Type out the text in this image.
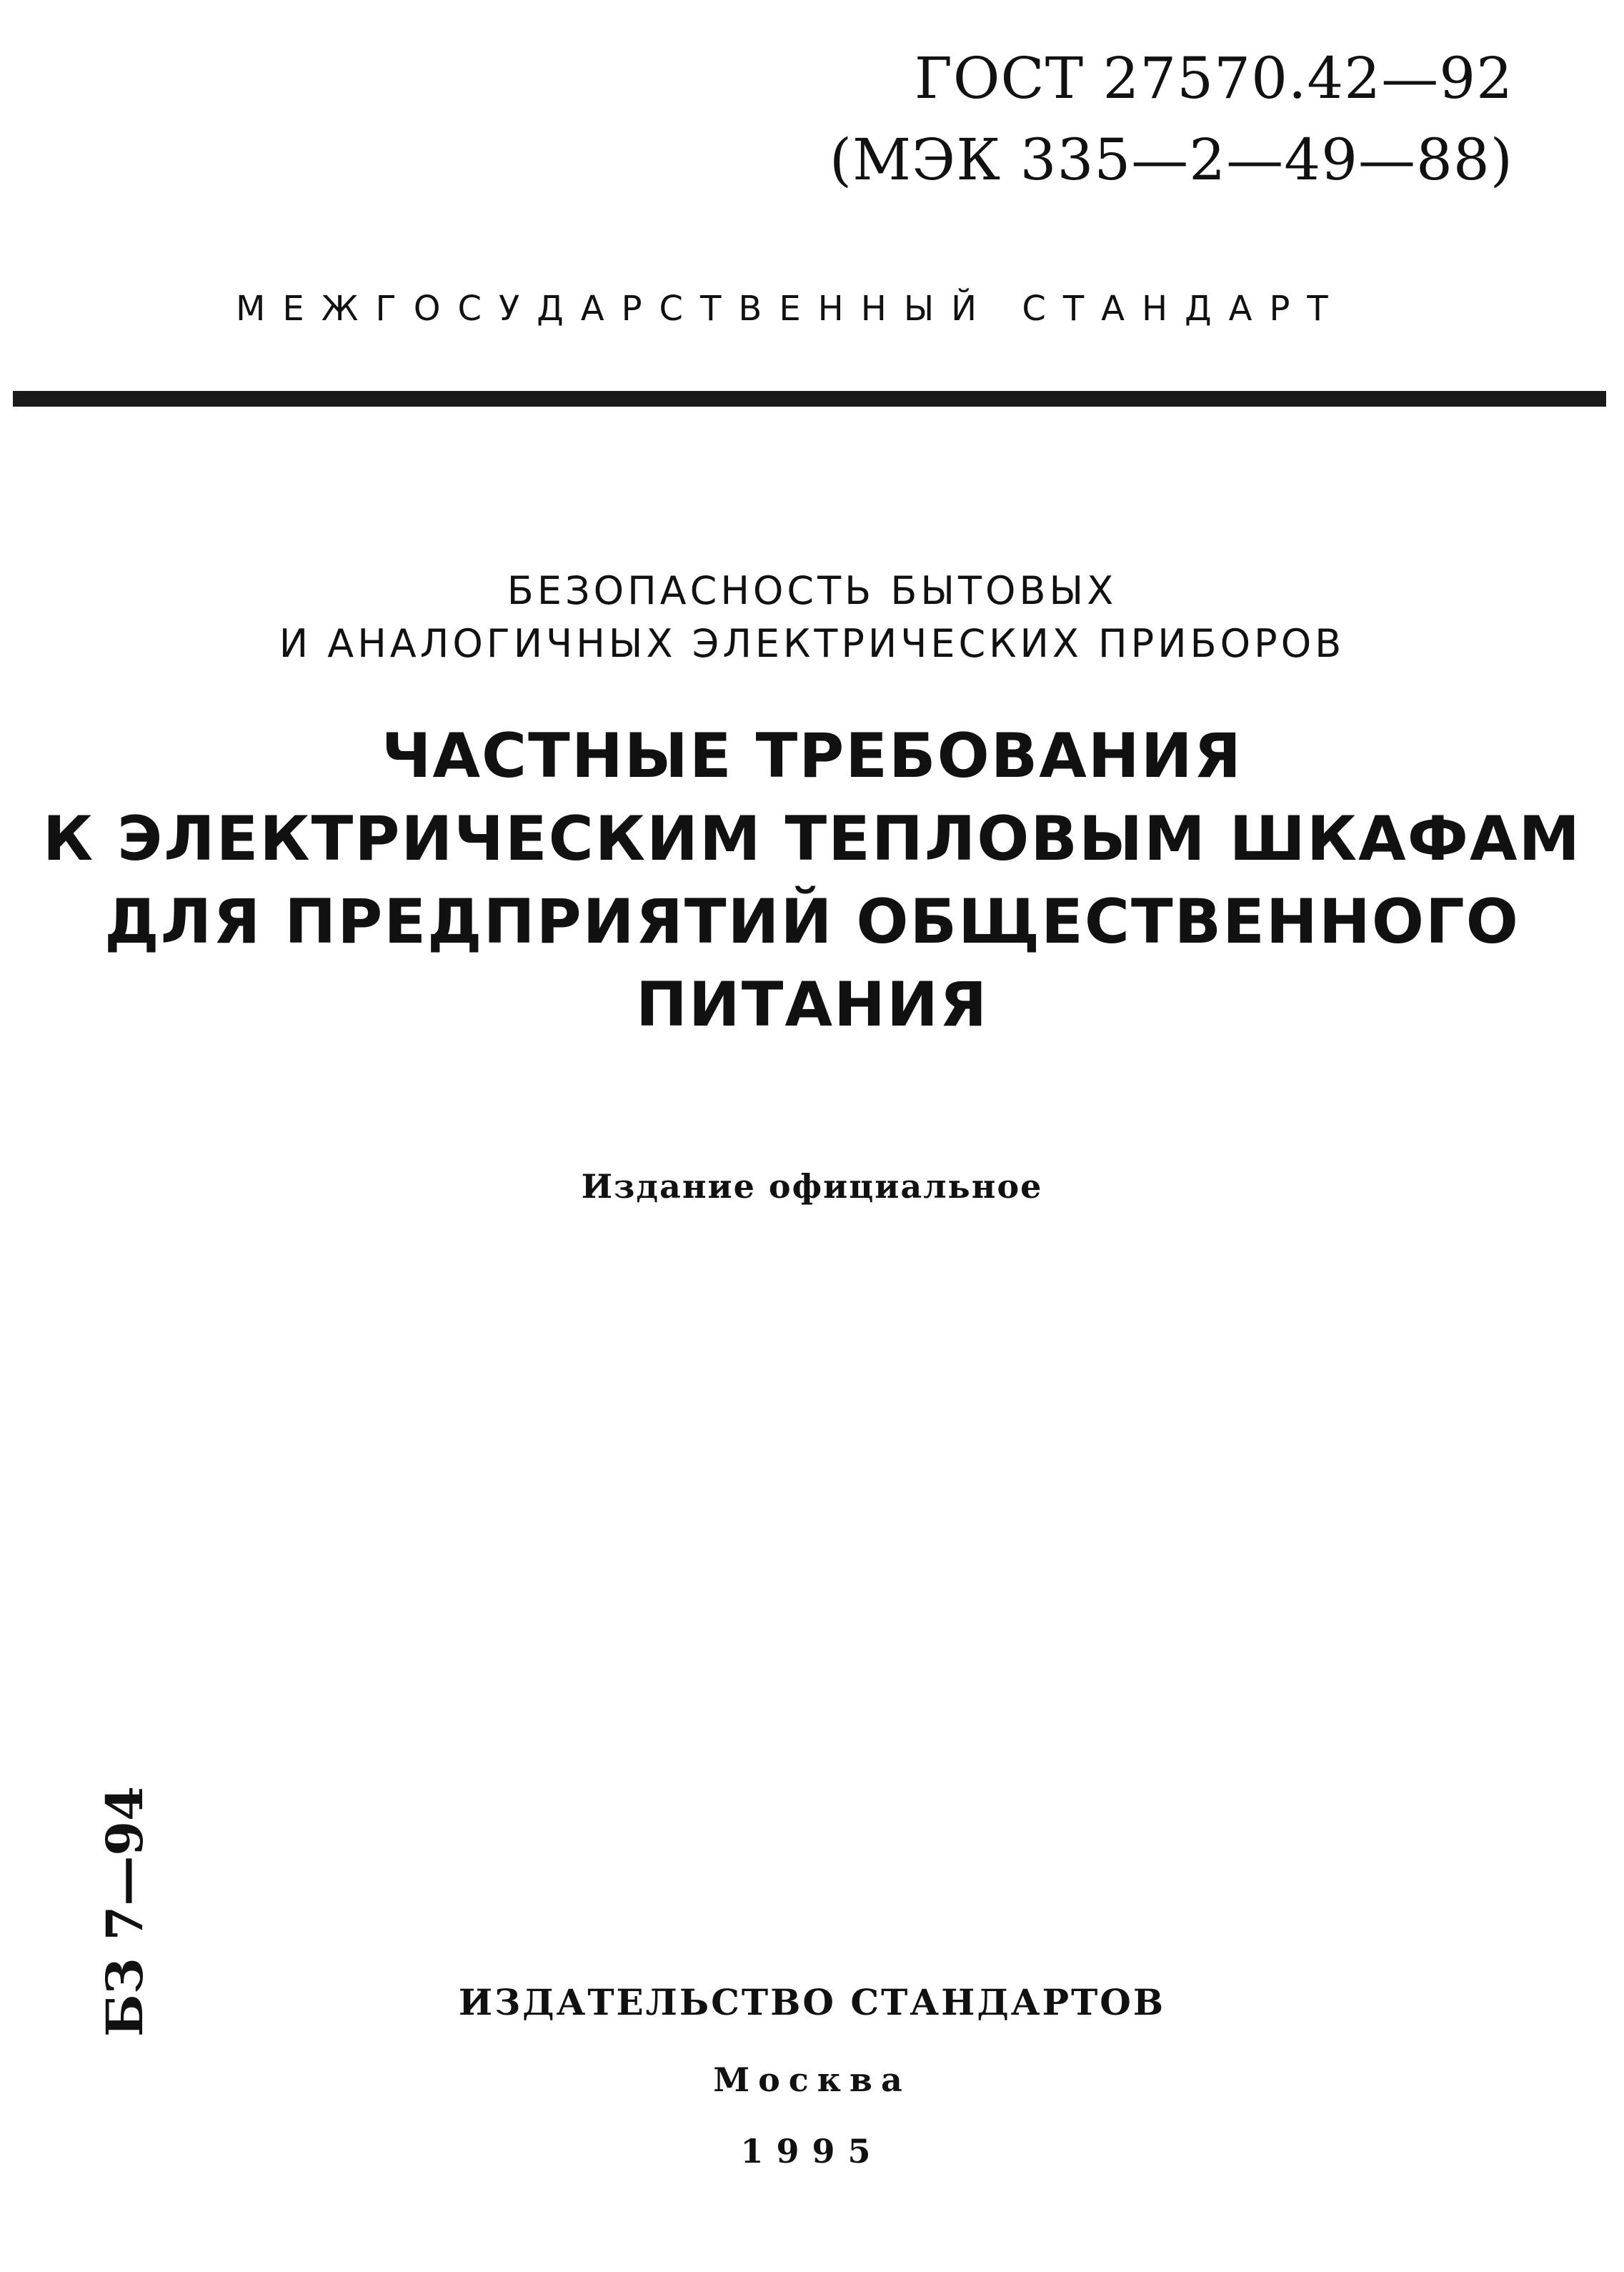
ГОСТ 27570.42—92
(МЭК 335—2—49—88)
МЕЖГОСУДАРСТВЕННЫЙ СТАНДАРТ
БЕЗОПАСНОСТЬ БЫТОВЫХ
И АНАЛОГИЧНЫХ ЭЛЕКТРИЧЕСКИХ ПРИБОРОВ
ЧАСТНЫЕ ТРЕБОВАНИЯ
К ЭЛЕКТРИЧЕСКИМ ТЕПЛОВЫМ ШКАФАМ
ДЛЯ ПРЕДПРИЯТИЙ ОБЩЕСТВЕННОГО
ПИТАНИЯ
Издание официальное
БЗ 7—94	ИЗДАТЕЛЬСТВО СТАНДАРТОВ
Москва
1995
